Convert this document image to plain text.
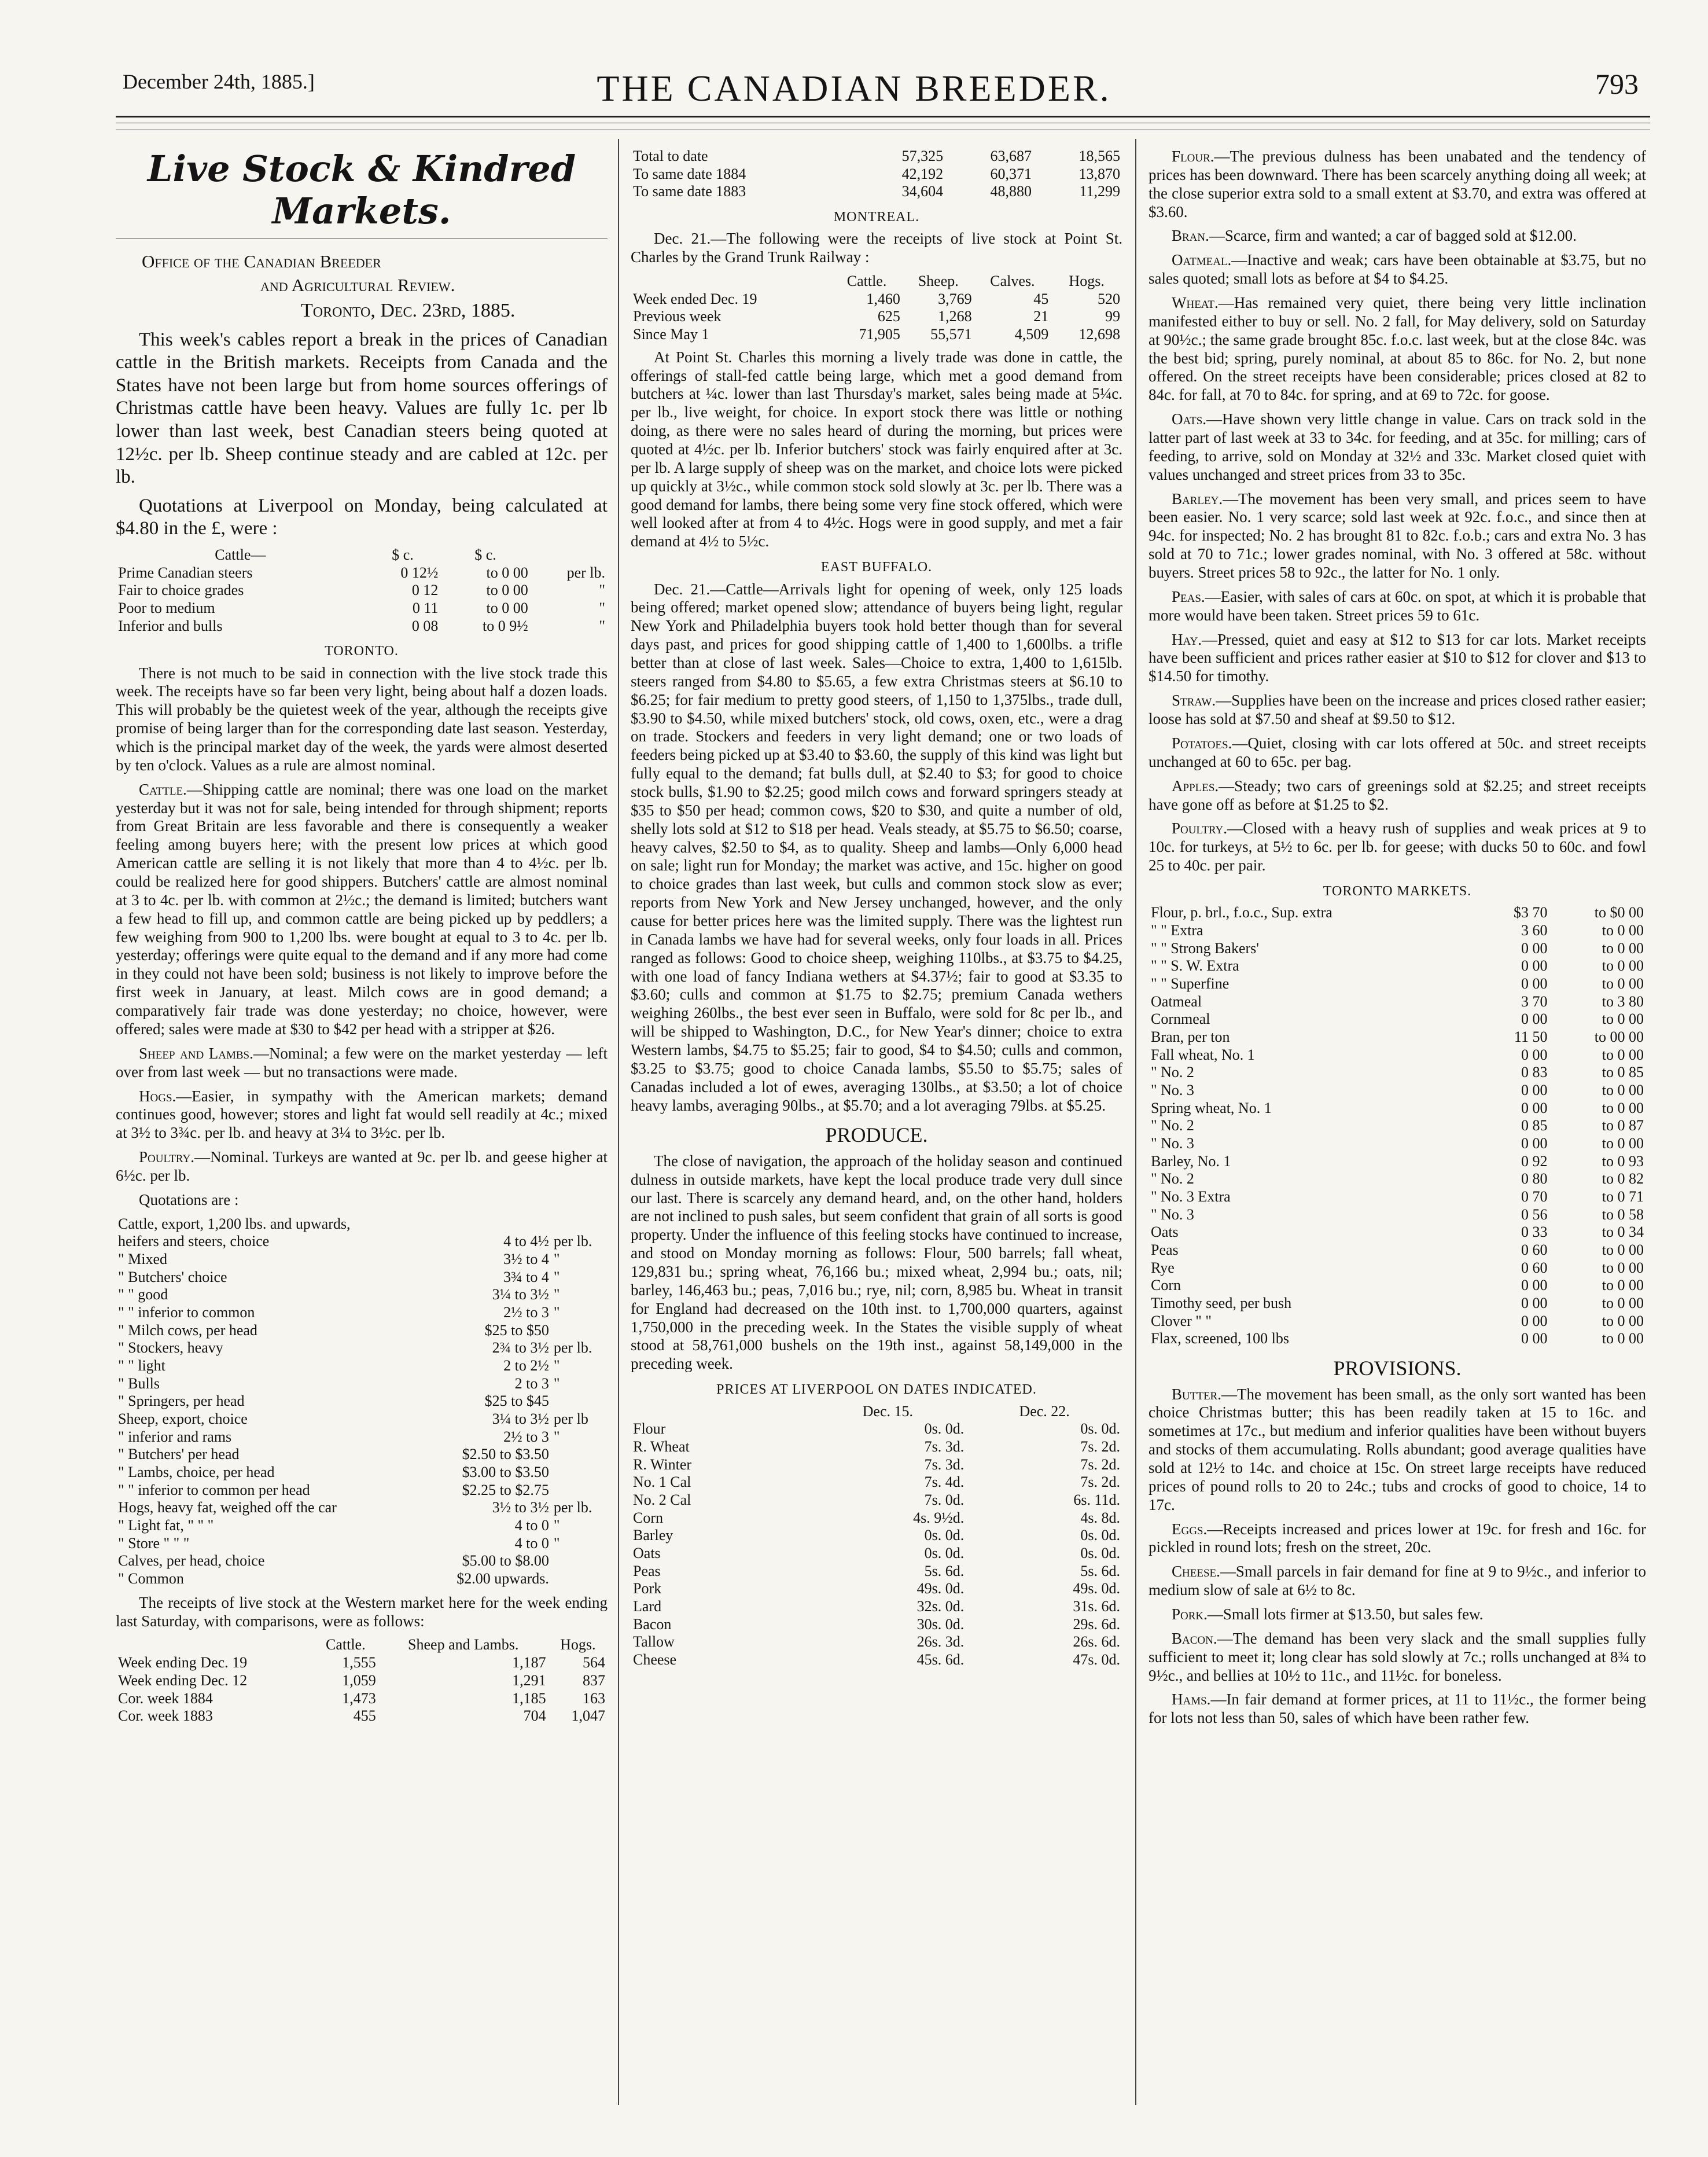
December 24th, 1885.]	THE CANADIAN BREEDER.	793
Live Stock & Kindred Markets.
Office of the Canadian Breeder
and Agricultural Review.
Toronto, Dec. 23rd, 1885.

This week's cables report a break in the prices of Canadian cattle in the British markets. Receipts from Canada and the States have not been large but from home sources offerings of Christmas cattle have been heavy. Values are fully 1c. per lb lower than last week, best Canadian steers being quoted at 12½c. per lb. Sheep continue steady and are cabled at 12c. per lb.

Quotations at Liverpool on Monday, being calculated at $4.80 in the £, were :

Cattle—	$ c.	$ c.	
Prime Canadian steers	0 12½	to 0 00	per lb.
Fair to choice grades	0 12	to 0 00	"
Poor to medium	0 11	to 0 00	"
Inferior and bulls	0 08	to 0 9½	"
TORONTO.

There is not much to be said in connection with the live stock trade this week. The receipts have so far been very light, being about half a dozen loads. This will probably be the quietest week of the year, although the receipts give promise of being larger than for the corresponding date last season. Yesterday, which is the principal market day of the week, the yards were almost deserted by ten o'clock. Values as a rule are almost nominal.

Cattle.—Shipping cattle are nominal; there was one load on the market yesterday but it was not for sale, being intended for through shipment; reports from Great Britain are less favorable and there is consequently a weaker feeling among buyers here; with the present low prices at which good American cattle are selling it is not likely that more than 4 to 4½c. per lb. could be realized here for good shippers. Butchers' cattle are almost nominal at 3 to 4c. per lb. with common at 2½c.; the demand is limited; butchers want a few head to fill up, and common cattle are being picked up by peddlers; a few weighing from 900 to 1,200 lbs. were bought at equal to 3 to 4c. per lb. yesterday; offerings were quite equal to the demand and if any more had come in they could not have been sold; business is not likely to improve before the first week in January, at least. Milch cows are in good demand; a comparatively fair trade was done yesterday; no choice, however, were offered; sales were made at $30 to $42 per head with a stripper at $26.

Sheep and Lambs.—Nominal; a few were on the market yesterday — left over from last week — but no transactions were made.

Hogs.—Easier, in sympathy with the American markets; demand continues good, however; stores and light fat would sell readily at 4c.; mixed at 3½ to 3¾c. per lb. and heavy at 3¼ to 3½c. per lb.

Poultry.—Nominal. Turkeys are wanted at 9c. per lb. and geese higher at 6½c. per lb.

Quotations are :

Cattle, export, 1,200 lbs. and upwards,		
heifers and steers, choice	4 to 4½	per lb.
" Mixed	3½ to 4	"
" Butchers' choice	3¾ to 4	"
" " good	3¼ to 3½	"
" " inferior to common	2½ to 3	"
" Milch cows, per head	$25 to $50	
" Stockers, heavy	2¾ to 3½	per lb.
" " light	2 to 2½	"
" Bulls	2 to 3	"
" Springers, per head	$25 to $45	
Sheep, export, choice	3¼ to 3½	per lb
" inferior and rams	2½ to 3	"
" Butchers' per head	$2.50 to $3.50	
" Lambs, choice, per head	$3.00 to $3.50	
" " inferior to common per head	$2.25 to $2.75	
Hogs, heavy fat, weighed off the car	3½ to 3½	per lb.
" Light fat, " " "	4 to 0	"
" Store " " "	4 to 0	"
Calves, per head, choice	$5.00 to $8.00	
" Common	$2.00 upwards.	

The receipts of live stock at the Western market here for the week ending last Saturday, with comparisons, were as follows:

	Cattle.	Sheep and Lambs.	Hogs.
Week ending Dec. 19	1,555	1,187	564
Week ending Dec. 12	1,059	1,291	837
Cor. week 1884	1,473	1,185	163
Cor. week 1883	455	704	1,047
Total to date	57,325	63,687	18,565
To same date 1884	42,192	60,371	13,870
To same date 1883	34,604	48,880	11,299
MONTREAL.

Dec. 21.—The following were the receipts of live stock at Point St. Charles by the Grand Trunk Railway :

	Cattle.	Sheep.	Calves.	Hogs.
Week ended Dec. 19	1,460	3,769	45	520
Previous week	625	1,268	21	99
Since May 1	71,905	55,571	4,509	12,698

At Point St. Charles this morning a lively trade was done in cattle, the offerings of stall-fed cattle being large, which met a good demand from butchers at ¼c. lower than last Thursday's market, sales being made at 5¼c. per lb., live weight, for choice. In export stock there was little or nothing doing, as there were no sales heard of during the morning, but prices were quoted at 4½c. per lb. Inferior butchers' stock was fairly enquired after at 3c. per lb. A large supply of sheep was on the market, and choice lots were picked up quickly at 3½c., while common stock sold slowly at 3c. per lb. There was a good demand for lambs, there being some very fine stock offered, which were well looked after at from 4 to 4½c. Hogs were in good supply, and met a fair demand at 4½ to 5½c.

EAST BUFFALO.

Dec. 21.—Cattle—Arrivals light for opening of week, only 125 loads being offered; market opened slow; attendance of buyers being light, regular New York and Philadelphia buyers took hold better though than for several days past, and prices for good shipping cattle of 1,400 to 1,600lbs. a trifle better than at close of last week. Sales—Choice to extra, 1,400 to 1,615lb. steers ranged from $4.80 to $5.65, a few extra Christmas steers at $6.10 to $6.25; for fair medium to pretty good steers, of 1,150 to 1,375lbs., trade dull, $3.90 to $4.50, while mixed butchers' stock, old cows, oxen, etc., were a drag on trade. Stockers and feeders in very light demand; one or two loads of feeders being picked up at $3.40 to $3.60, the supply of this kind was light but fully equal to the demand; fat bulls dull, at $2.40 to $3; for good to choice stock bulls, $1.90 to $2.25; good milch cows and forward springers steady at $35 to $50 per head; common cows, $20 to $30, and quite a number of old, shelly lots sold at $12 to $18 per head. Veals steady, at $5.75 to $6.50; coarse, heavy calves, $2.50 to $4, as to quality. Sheep and lambs—Only 6,000 head on sale; light run for Monday; the market was active, and 15c. higher on good to choice grades than last week, but culls and common stock slow as ever; reports from New York and New Jersey unchanged, however, and the only cause for better prices here was the limited supply. There was the lightest run in Canada lambs we have had for several weeks, only four loads in all. Prices ranged as follows: Good to choice sheep, weighing 110lbs., at $3.75 to $4.25, with one load of fancy Indiana wethers at $4.37½; fair to good at $3.35 to $3.60; culls and common at $1.75 to $2.75; premium Canada wethers weighing 260lbs., the best ever seen in Buffalo, were sold for 8c per lb., and will be shipped to Washington, D.C., for New Year's dinner; choice to extra Western lambs, $4.75 to $5.25; fair to good, $4 to $4.50; culls and common, $3.25 to $3.75; good to choice Canada lambs, $5.50 to $5.75; sales of Canadas included a lot of ewes, averaging 130lbs., at $3.50; a lot of choice heavy lambs, averaging 90lbs., at $5.70; and a lot averaging 79lbs. at $5.25.

PRODUCE.

The close of navigation, the approach of the holiday season and continued dulness in outside markets, have kept the local produce trade very dull since our last. There is scarcely any demand heard, and, on the other hand, holders are not inclined to push sales, but seem confident that grain of all sorts is good property. Under the influence of this feeling stocks have continued to increase, and stood on Monday morning as follows: Flour, 500 barrels; fall wheat, 129,831 bu.; spring wheat, 76,166 bu.; mixed wheat, 2,994 bu.; oats, nil; barley, 146,463 bu.; peas, 7,016 bu.; rye, nil; corn, 8,985 bu. Wheat in transit for England had decreased on the 10th inst. to 1,700,000 quarters, against 1,750,000 in the preceding week. In the States the visible supply of wheat stood at 58,761,000 bushels on the 19th inst., against 58,149,000 in the preceding week.

PRICES AT LIVERPOOL ON DATES INDICATED.
	Dec. 15.	Dec. 22.
Flour	0s. 0d.	0s. 0d.
R. Wheat	7s. 3d.	7s. 2d.
R. Winter	7s. 3d.	7s. 2d.
No. 1 Cal	7s. 4d.	7s. 2d.
No. 2 Cal	7s. 0d.	6s. 11d.
Corn	4s. 9½d.	4s. 8d.
Barley	0s. 0d.	0s. 0d.
Oats	0s. 0d.	0s. 0d.
Peas	5s. 6d.	5s. 6d.
Pork	49s. 0d.	49s. 0d.
Lard	32s. 0d.	31s. 6d.
Bacon	30s. 0d.	29s. 6d.
Tallow	26s. 3d.	26s. 6d.
Cheese	45s. 6d.	47s. 0d.

Flour.—The previous dulness has been unabated and the tendency of prices has been downward. There has been scarcely anything doing all week; at the close superior extra sold to a small extent at $3.70, and extra was offered at $3.60.

Bran.—Scarce, firm and wanted; a car of bagged sold at $12.00.

Oatmeal.—Inactive and weak; cars have been obtainable at $3.75, but no sales quoted; small lots as before at $4 to $4.25.

Wheat.—Has remained very quiet, there being very little inclination manifested either to buy or sell. No. 2 fall, for May delivery, sold on Saturday at 90½c.; the same grade brought 85c. f.o.c. last week, but at the close 84c. was the best bid; spring, purely nominal, at about 85 to 86c. for No. 2, but none offered. On the street receipts have been considerable; prices closed at 82 to 84c. for fall, at 70 to 84c. for spring, and at 69 to 72c. for goose.

Oats.—Have shown very little change in value. Cars on track sold in the latter part of last week at 33 to 34c. for feeding, and at 35c. for milling; cars of feeding, to arrive, sold on Monday at 32½ and 33c. Market closed quiet with values unchanged and street prices from 33 to 35c.

Barley.—The movement has been very small, and prices seem to have been easier. No. 1 very scarce; sold last week at 92c. f.o.c., and since then at 94c. for inspected; No. 2 has brought 81 to 82c. f.o.b.; cars and extra No. 3 has sold at 70 to 71c.; lower grades nominal, with No. 3 offered at 58c. without buyers. Street prices 58 to 92c., the latter for No. 1 only.

Peas.—Easier, with sales of cars at 60c. on spot, at which it is probable that more would have been taken. Street prices 59 to 61c.

Hay.—Pressed, quiet and easy at $12 to $13 for car lots. Market receipts have been sufficient and prices rather easier at $10 to $12 for clover and $13 to $14.50 for timothy.

Straw.—Supplies have been on the increase and prices closed rather easier; loose has sold at $7.50 and sheaf at $9.50 to $12.

Potatoes.—Quiet, closing with car lots offered at 50c. and street receipts unchanged at 60 to 65c. per bag.

Apples.—Steady; two cars of greenings sold at $2.25; and street receipts have gone off as before at $1.25 to $2.

Poultry.—Closed with a heavy rush of supplies and weak prices at 9 to 10c. for turkeys, at 5½ to 6c. per lb. for geese; with ducks 50 to 60c. and fowl 25 to 40c. per pair.

TORONTO MARKETS.
Flour, p. brl., f.o.c., Sup. extra	$3 70	to $0 00
" " Extra	3 60	to 0 00
" " Strong Bakers'	0 00	to 0 00
" " S. W. Extra	0 00	to 0 00
" " Superfine	0 00	to 0 00
Oatmeal	3 70	to 3 80
Cornmeal	0 00	to 0 00
Bran, per ton	11 50	to 00 00
Fall wheat, No. 1	0 00	to 0 00
" No. 2	0 83	to 0 85
" No. 3	0 00	to 0 00
Spring wheat, No. 1	0 00	to 0 00
" No. 2	0 85	to 0 87
" No. 3	0 00	to 0 00
Barley, No. 1	0 92	to 0 93
" No. 2	0 80	to 0 82
" No. 3 Extra	0 70	to 0 71
" No. 3	0 56	to 0 58
Oats	0 33	to 0 34
Peas	0 60	to 0 00
Rye	0 60	to 0 00
Corn	0 00	to 0 00
Timothy seed, per bush	0 00	to 0 00
Clover " "	0 00	to 0 00
Flax, screened, 100 lbs	0 00	to 0 00
PROVISIONS.

Butter.—The movement has been small, as the only sort wanted has been choice Christmas butter; this has been readily taken at 15 to 16c. and sometimes at 17c., but medium and inferior qualities have been without buyers and stocks of them accumulating. Rolls abundant; good average qualities have sold at 12½ to 14c. and choice at 15c. On street large receipts have reduced prices of pound rolls to 20 to 24c.; tubs and crocks of good to choice, 14 to 17c.

Eggs.—Receipts increased and prices lower at 19c. for fresh and 16c. for pickled in round lots; fresh on the street, 20c.

Cheese.—Small parcels in fair demand for fine at 9 to 9½c., and inferior to medium slow of sale at 6½ to 8c.

Pork.—Small lots firmer at $13.50, but sales few.

Bacon.—The demand has been very slack and the small supplies fully sufficient to meet it; long clear has sold slowly at 7c.; rolls unchanged at 8¾ to 9½c., and bellies at 10½ to 11c., and 11½c. for boneless.

Hams.—In fair demand at former prices, at 11 to 11½c., the former being for lots not less than 50, sales of which have been rather few.
